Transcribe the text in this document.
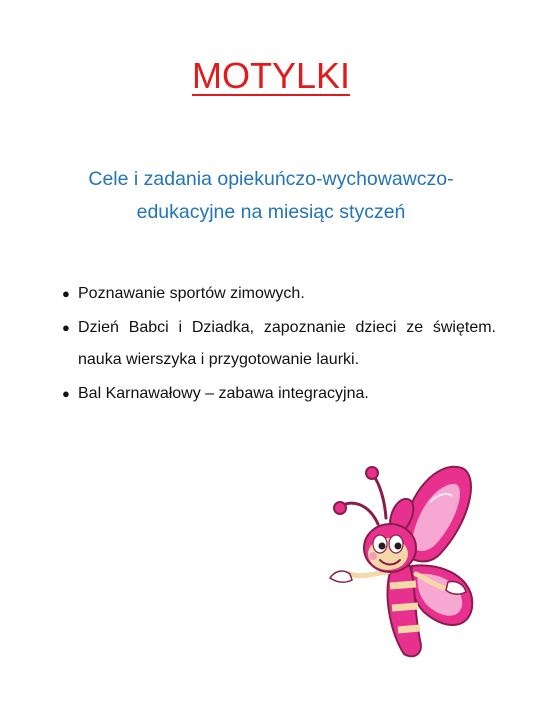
MOTYLKI
Cele i zadania opiekuńczo-wychowawczo-edukacyjne na miesiąc styczeń
● Poznawanie sportów zimowych.
● Dzień Babci i Dziadka, zapoznanie dzieci ze świętem. nauka wierszyka i przygotowanie laurki.
● Bal Karnawałowy – zabawa integracyjna.
